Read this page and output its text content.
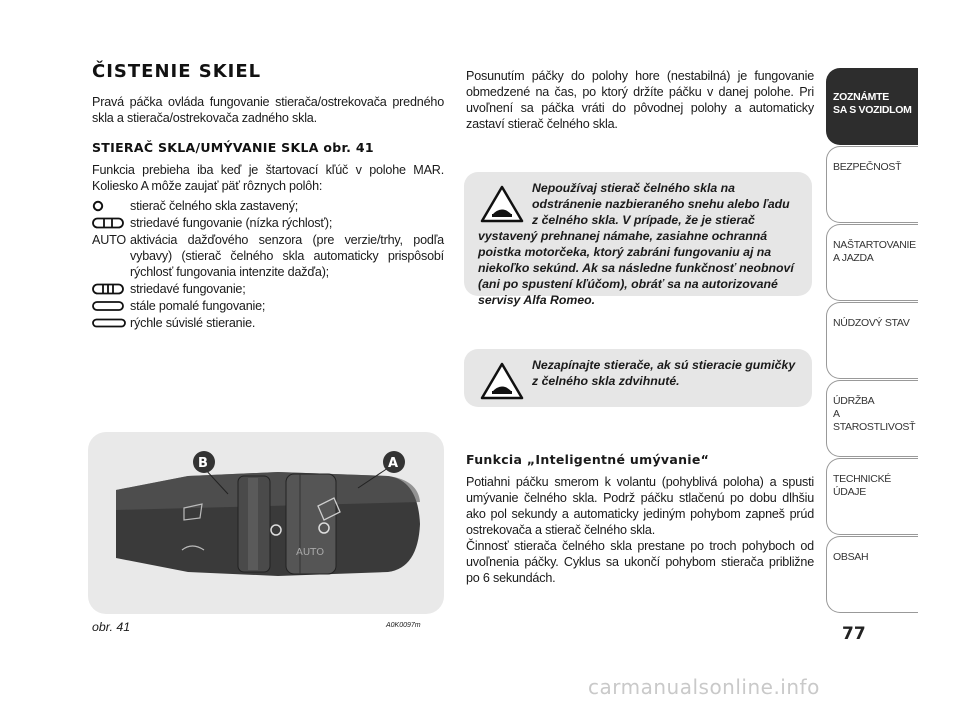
ČISTENIE SKIEL

Pravá páčka ovláda fungovanie stierača/ostrekovača predného skla a stierača/ostrekovača zadného skla.

STIERAČ SKLA/UMÝVANIE SKLA obr. 41

Funkcia prebieha iba keď je štartovací kľúč v polohe MAR. Koliesko A môže zaujať päť rôznych polôh:

stierač čelného skla zastavený;
striedavé fungovanie (nízka rýchlosť);
AUTO aktivácia dažďového senzora (pre verzie/trhy, podľa vybavy) (stierač čelného skla automaticky prispôsobí rýchlosť fungovania intenzite dažďa);
striedavé fungovanie;
stále pomalé fungovanie;
rýchle súvislé stieranie.
AUTO
B	A
obr. 41	A0K0097m

Posunutím páčky do polohy hore (nestabilná) je fungovanie obmedzené na čas, po ktorý držíte páčku v danej polohe. Pri uvoľnení sa páčka vráti do pôvodnej polohy a automaticky zastaví stierač čelného skla.

Nepoužívaj stierač čelného skla na odstránenie nazbieraného snehu alebo ľadu z čelného skla. V prípade, že je stierač vystavený prehnanej námahe, zasiahne ochranná poistka motorčeka, ktorý zabráni fungovaniu aj na niekoľko sekúnd. Ak sa následne funkčnosť neobnoví (ani po spustení kľúčom), obráť sa na autorizované servisy Alfa Romeo.
Nezapínajte stierače, ak sú stieracie gumičky z čelného skla zdvihnuté.
Funkcia „Inteligentné umývanie“

Potiahni páčku smerom k volantu (pohyblivá poloha) a spusti umývanie čelného skla. Podrž páčku stlačenú po dobu dlhšiu ako pol sekundy a automaticky jediným pohybom zapneš prúd ostrekovača a stierač čelného skla.

Činnosť stierača čelného skla prestane po troch pohyboch od uvoľnenia páčky. Cyklus sa ukončí pohybom stierača približne po 6 sekundách.

ZOZNÁMTE
SA S VOZIDLOM
BEZPEČNOSŤ
NAŠTARTOVANIE
A JAZDA
NÚDZOVÝ STAV
ÚDRŽBA
A STAROSTLIVOSŤ
TECHNICKÉ
ÚDAJE
OBSAH
77
carmanualsonline.info
